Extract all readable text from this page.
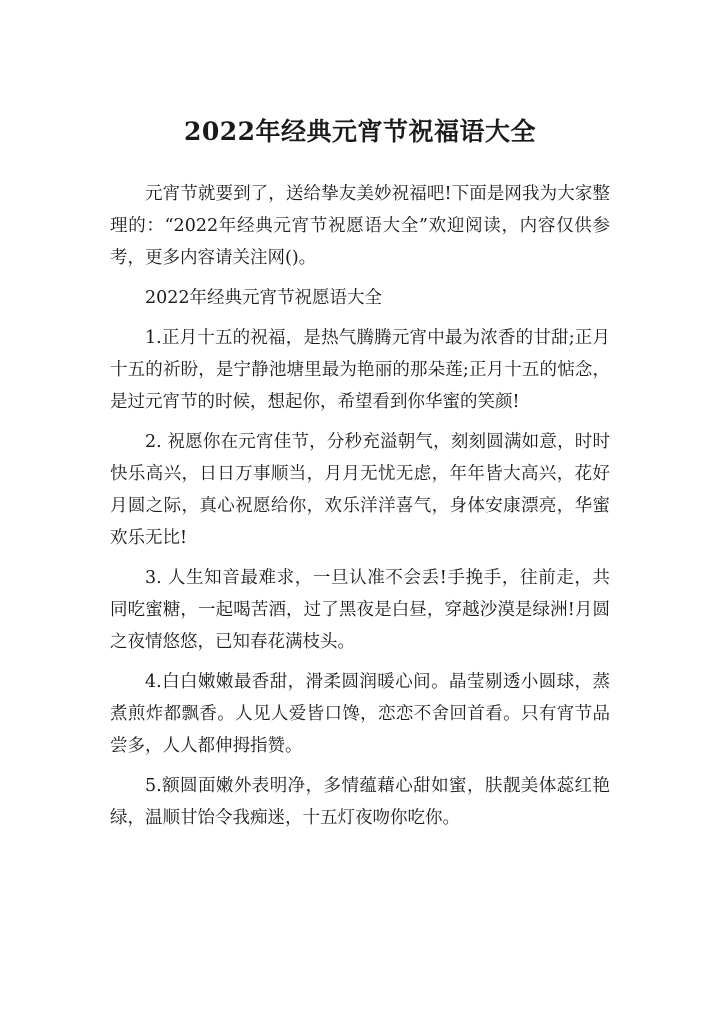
2022年经典元宵节祝福语大全

元宵节就要到了，送给挚友美妙祝福吧!下面是网我为大家整理的：“2022年经典元宵节祝愿语大全”欢迎阅读，内容仅供参考，更多内容请关注网()。

2022年经典元宵节祝愿语大全

1.正月十五的祝福，是热气腾腾元宵中最为浓香的甘甜;正月十五的祈盼，是宁静池塘里最为艳丽的那朵莲;正月十五的惦念，是过元宵节的时候，想起你，希望看到你华蜜的笑颜!

2. 祝愿你在元宵佳节，分秒充溢朝气，刻刻圆满如意，时时快乐高兴，日日万事顺当，月月无忧无虑，年年皆大高兴，花好月圆之际，真心祝愿给你，欢乐洋洋喜气，身体安康漂亮，华蜜欢乐无比!

3. 人生知音最难求，一旦认准不会丢!手挽手，往前走，共同吃蜜糖，一起喝苦酒，过了黑夜是白昼，穿越沙漠是绿洲!月圆之夜情悠悠，已知春花满枝头。

4.白白嫩嫩最香甜，滑柔圆润暖心间。晶莹剔透小圆球，蒸煮煎炸都飘香。人见人爱皆口馋，恋恋不舍回首看。只有宵节品尝多，人人都伸拇指赞。

5.额圆面嫩外表明净，多情蕴藉心甜如蜜，肤靓美体蕊红艳绿，温顺甘饴令我痴迷，十五灯夜吻你吃你。
